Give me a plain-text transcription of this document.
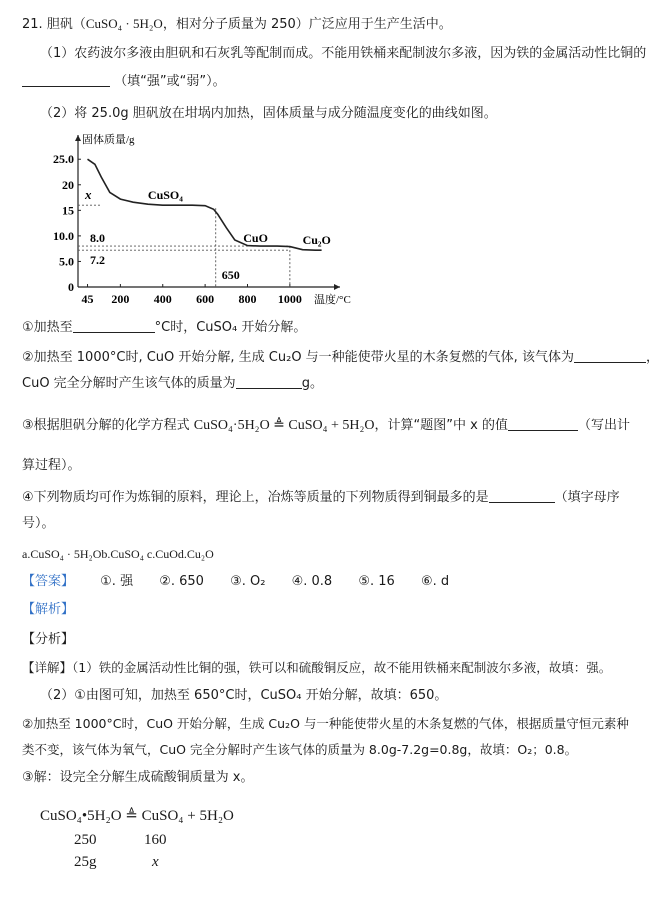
21. 胆矾（CuSO₄ · 5H₂O，相对分子质量为 250）广泛应用于生产生活中。
（1）农药波尔多液由胆矾和石灰乳等配制而成。不能用铁桶来配制波尔多液，因为铁的金属活动性比铜的
（填“强”或“弱”）。
（2）将 25.0g 胆矾放在坩埚内加热，固体质量与成分随温度变化的曲线如图。
固体质量/g
温度/°C
45 200 400 600 800 1000
25.0
20
15
10.0
5.0
0
x
8.0
7.2
650
CuSO₄
CuO	Cu₂O
①加热至	°C时，CuSO₄ 开始分解。
②加热至 1000°C时, CuO 开始分解, 生成 Cu₂O 与一种能使带火星的木条复燃的气体, 该气体为	，
CuO 完全分解时产生该气体的质量为	g。
③根据胆矾分解的化学方程式 CuSO₄·5H₂O ≜ CuSO₄ + 5H₂O，计算“题图”中 x 的值	（写出计
算过程）。
④下列物质均可作为炼铜的原料，理论上，冶炼等质量的下列物质得到铜最多的是	（填字母序
号）。
a.CuSO₄ · 5H₂Ob.CuSO₄ c.CuOd.Cu₂O
【答案】 ①. 强 ②. 650 ③. O₂ ④. 0.8 ⑤. 16 ⑥. d
【解析】
【分析】
【详解】（1）铁的金属活动性比铜的强，铁可以和硫酸铜反应，故不能用铁桶来配制波尔多液，故填：强。
（2）①由图可知，加热至 650°C时，CuSO₄ 开始分解，故填：650。
②加热至 1000°C时，CuO 开始分解，生成 Cu₂O 与一种能使带火星的木条复燃的气体，根据质量守恒元素种
类不变，该气体为氧气，CuO 完全分解时产生该气体的质量为 8.0g-7.2g=0.8g，故填：O₂；0.8。
③解：设完全分解生成硫酸铜质量为 x。
CuSO₄•5H₂O ≜ CuSO₄ + 5H₂O
250	160
25g	x
